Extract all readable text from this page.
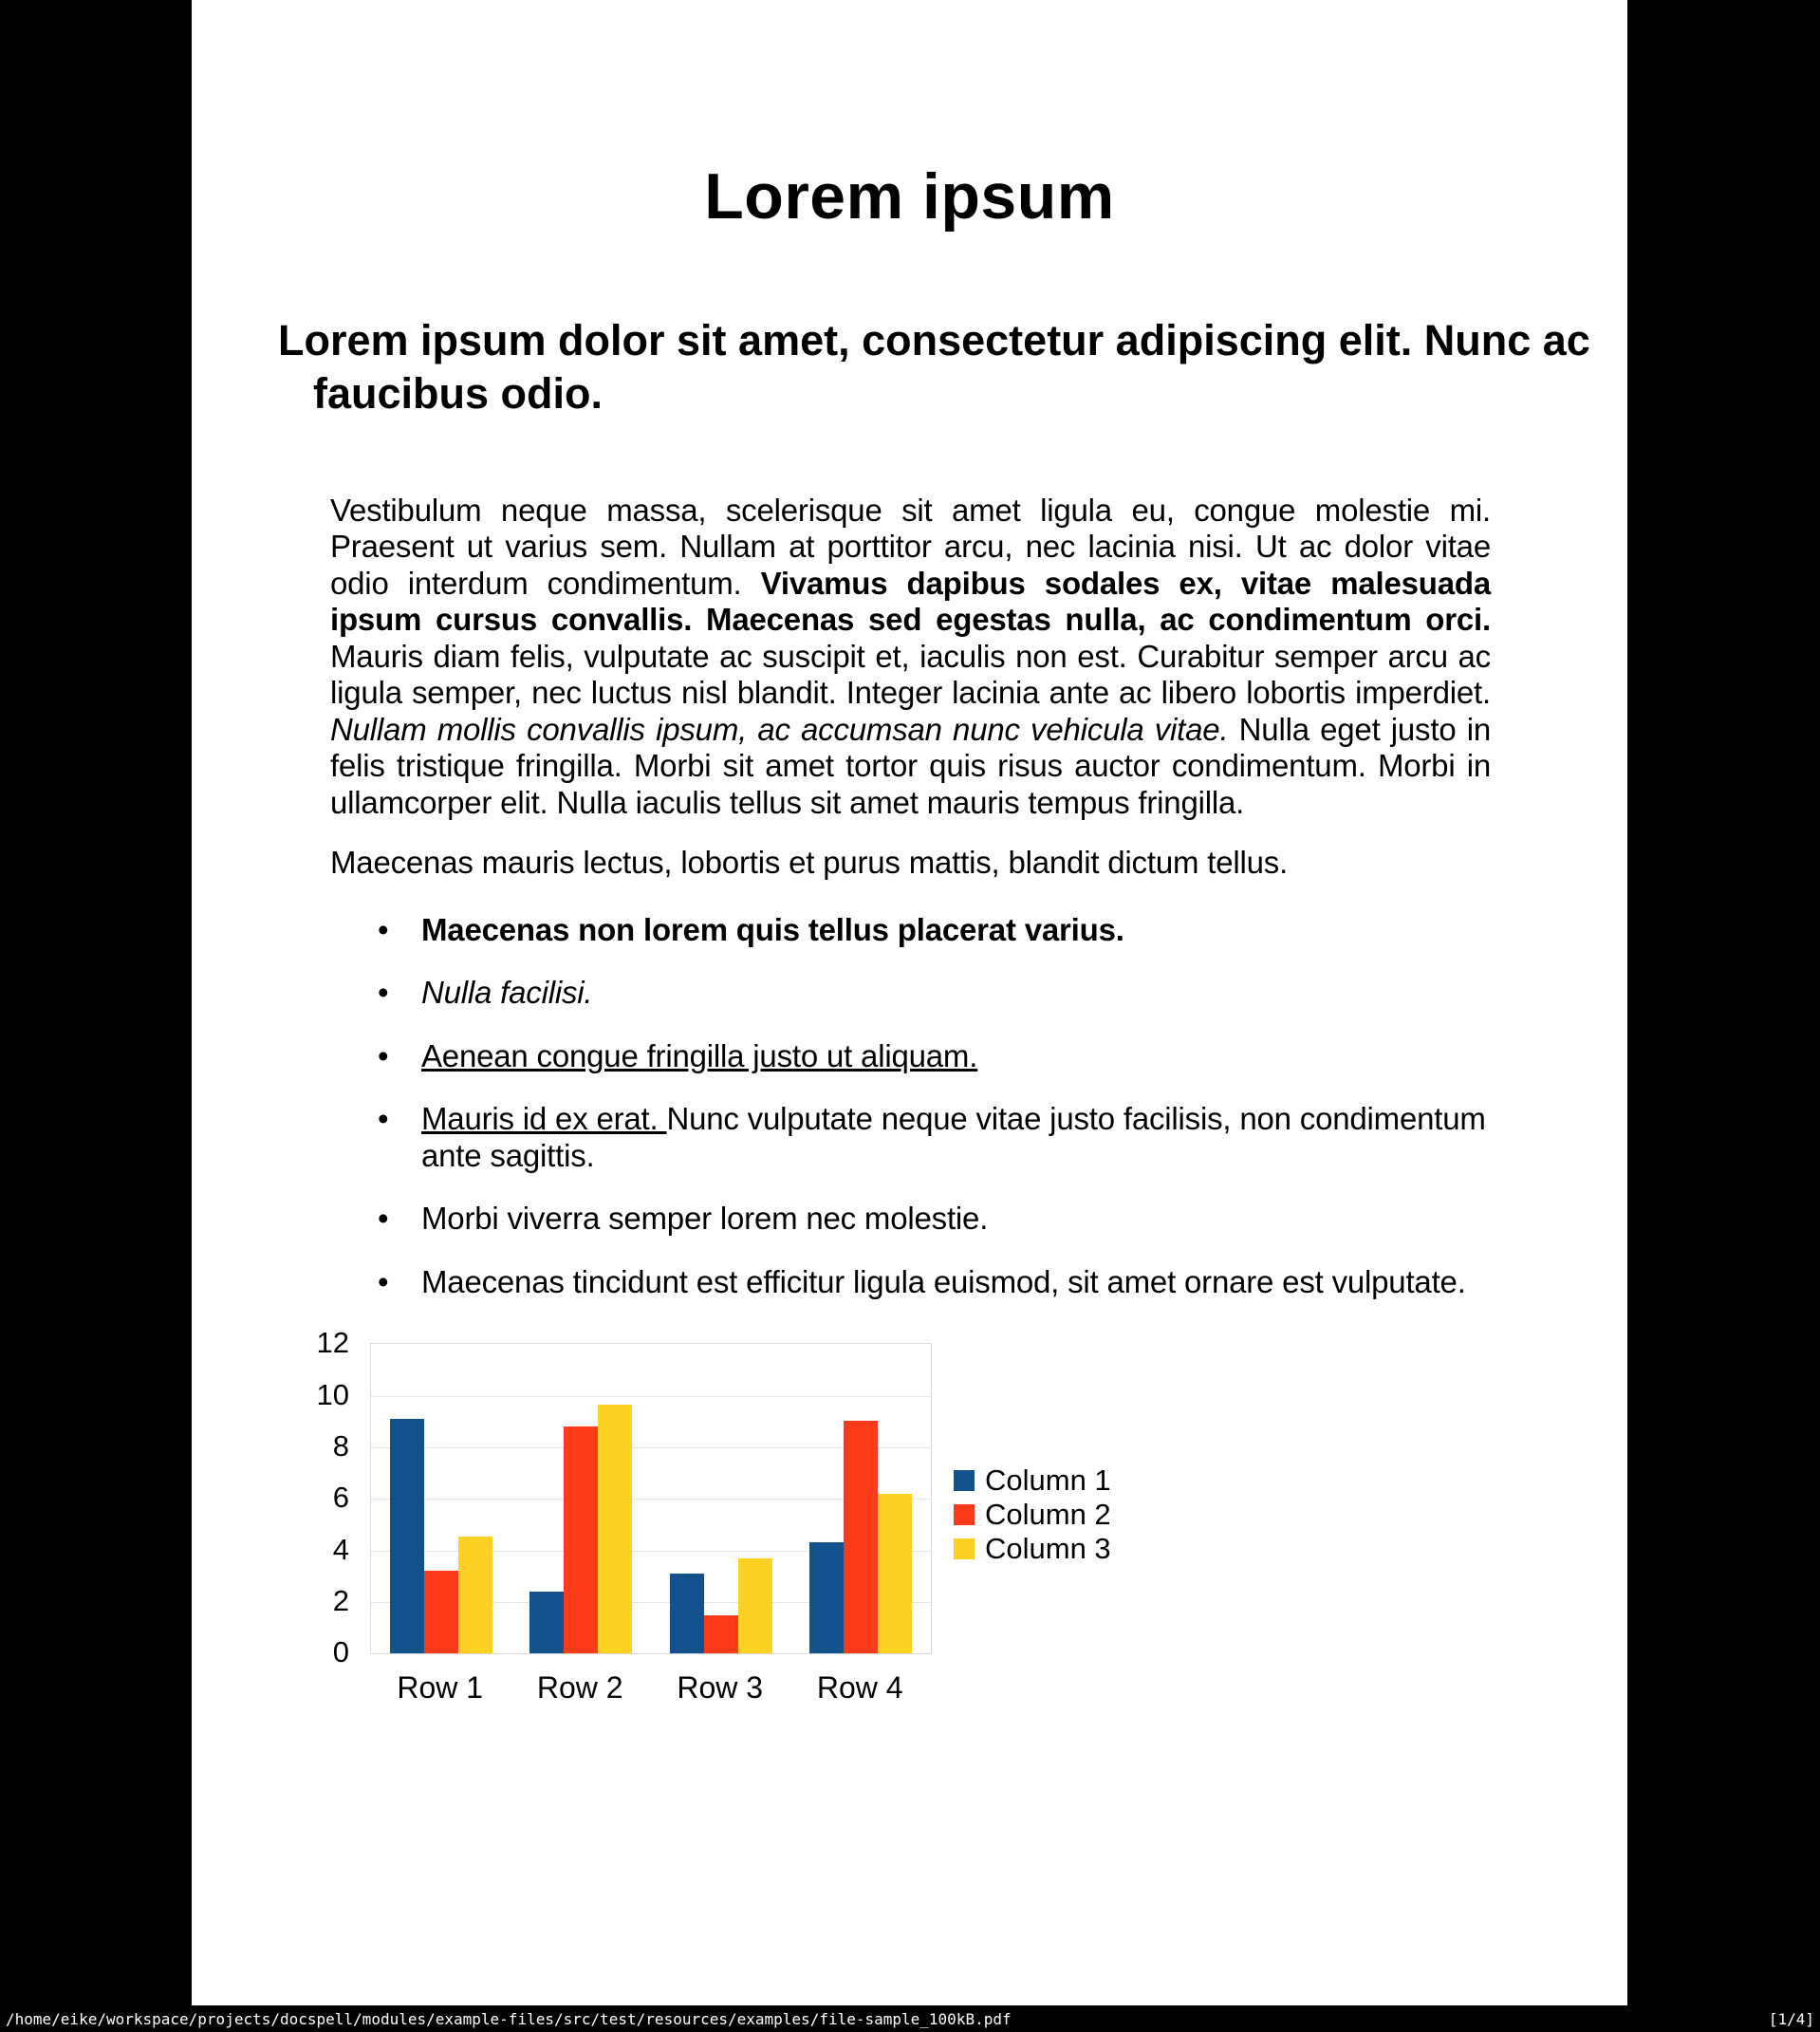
Lorem ipsum
Lorem ipsum dolor sit amet, consectetur adipiscing elit. Nunc ac faucibus odio.

Vestibulum neque massa, scelerisque sit amet ligula eu, congue molestie mi. Praesent ut varius sem. Nullam at porttitor arcu, nec lacinia nisi. Ut ac dolor vitae odio interdum condimentum. Vivamus dapibus sodales ex, vitae malesuada ipsum cursus convallis. Maecenas sed egestas nulla, ac condimentum orci. Mauris diam felis, vulputate ac suscipit et, iaculis non est. Curabitur semper arcu ac ligula semper, nec luctus nisl blandit. Integer lacinia ante ac libero lobortis imperdiet. Nullam mollis convallis ipsum, ac accumsan nunc vehicula vitae. Nulla eget justo in felis tristique fringilla. Morbi sit amet tortor quis risus auctor condimentum. Morbi in ullamcorper elit. Nulla iaculis tellus sit amet mauris tempus fringilla.

Maecenas mauris lectus, lobortis et purus mattis, blandit dictum tellus.

• Maecenas non lorem quis tellus placerat varius.
• Nulla facilisi.
• Aenean congue fringilla justo ut aliquam.
• Mauris id ex erat. Nunc vulputate neque vitae justo facilisis, non condimentum ante sagittis.
• Morbi viverra semper lorem nec molestie.
• Maecenas tincidunt est efficitur ligula euismod, sit amet ornare est vulputate.
Column 1
Column 2
Column 3
0
2
4
6
8
10
12
Row 1	Row 2	Row 3	Row 4
/home/eike/workspace/projects/docspell/modules/example-files/src/test/resources/examples/file-sample_100kB.pdf	[1/4]
